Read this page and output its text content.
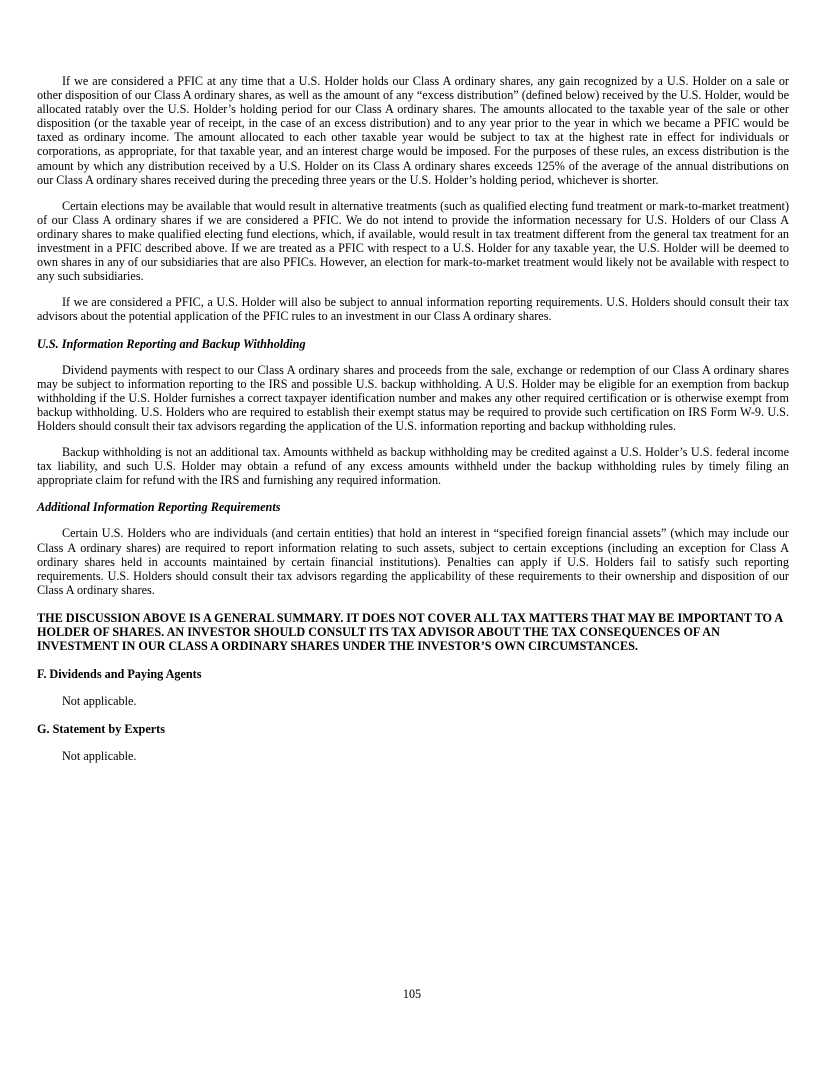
If we are considered a PFIC at any time that a U.S. Holder holds our Class A ordinary shares, any gain recognized by a U.S. Holder on a sale or other disposition of our Class A ordinary shares, as well as the amount of any “excess distribution” (defined below) received by the U.S. Holder, would be allocated ratably over the U.S. Holder’s holding period for our Class A ordinary shares. The amounts allocated to the taxable year of the sale or other disposition (or the taxable year of receipt, in the case of an excess distribution) and to any year prior to the year in which we became a PFIC would be taxed as ordinary income. The amount allocated to each other taxable year would be subject to tax at the highest rate in effect for individuals or corporations, as appropriate, for that taxable year, and an interest charge would be imposed. For the purposes of these rules, an excess distribution is the amount by which any distribution received by a U.S. Holder on its Class A ordinary shares exceeds 125% of the average of the annual distributions on our Class A ordinary shares received during the preceding three years or the U.S. Holder’s holding period, whichever is shorter.

Certain elections may be available that would result in alternative treatments (such as qualified electing fund treatment or mark-to-market treatment) of our Class A ordinary shares if we are considered a PFIC. We do not intend to provide the information necessary for U.S. Holders of our Class A ordinary shares to make qualified electing fund elections, which, if available, would result in tax treatment different from the general tax treatment for an investment in a PFIC described above. If we are treated as a PFIC with respect to a U.S. Holder for any taxable year, the U.S. Holder will be deemed to own shares in any of our subsidiaries that are also PFICs. However, an election for mark-to-market treatment would likely not be available with respect to any such subsidiaries.

If we are considered a PFIC, a U.S. Holder will also be subject to annual information reporting requirements. U.S. Holders should consult their tax advisors about the potential application of the PFIC rules to an investment in our Class A ordinary shares.

U.S. Information Reporting and Backup Withholding

Dividend payments with respect to our Class A ordinary shares and proceeds from the sale, exchange or redemption of our Class A ordinary shares may be subject to information reporting to the IRS and possible U.S. backup withholding. A U.S. Holder may be eligible for an exemption from backup withholding if the U.S. Holder furnishes a correct taxpayer identification number and makes any other required certification or is otherwise exempt from backup withholding. U.S. Holders who are required to establish their exempt status may be required to provide such certification on IRS Form W-9. U.S. Holders should consult their tax advisors regarding the application of the U.S. information reporting and backup withholding rules.

Backup withholding is not an additional tax. Amounts withheld as backup withholding may be credited against a U.S. Holder’s U.S. federal income tax liability, and such U.S. Holder may obtain a refund of any excess amounts withheld under the backup withholding rules by timely filing an appropriate claim for refund with the IRS and furnishing any required information.

Additional Information Reporting Requirements

Certain U.S. Holders who are individuals (and certain entities) that hold an interest in “specified foreign financial assets” (which may include our Class A ordinary shares) are required to report information relating to such assets, subject to certain exceptions (including an exception for Class A ordinary shares held in accounts maintained by certain financial institutions). Penalties can apply if U.S. Holders fail to satisfy such reporting requirements. U.S. Holders should consult their tax advisors regarding the applicability of these requirements to their ownership and disposition of our Class A ordinary shares.

THE DISCUSSION ABOVE IS A GENERAL SUMMARY. IT DOES NOT COVER ALL TAX MATTERS THAT MAY BE IMPORTANT TO A HOLDER OF SHARES. AN INVESTOR SHOULD CONSULT ITS TAX ADVISOR ABOUT THE TAX CONSEQUENCES OF AN INVESTMENT IN OUR CLASS A ORDINARY SHARES UNDER THE INVESTOR’S OWN CIRCUMSTANCES.

F. Dividends and Paying Agents

Not applicable.

G. Statement by Experts

Not applicable.

105
